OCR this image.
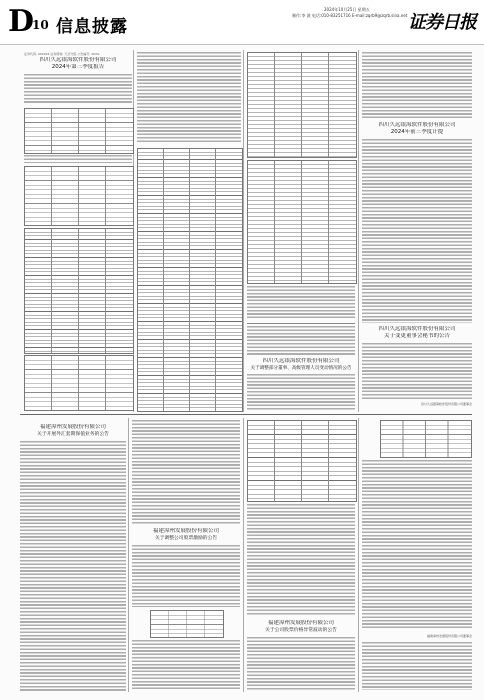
D
10 信息披露
2024年10月25日 星期五
制作:李 波 电话:010-83251716 E-mail:zqrb9@zqrb.sina.net 证券日报
证券代码: 002015 证券简称: 天迈交股 公告编号: 2024-
四川久远银海软件股份有限公司
2024年第三季度报告
四川久远银海软件股份有限公司
关于调整部分董事、高级管理人员变动情况的公告
四川久远银海软件股份有限公司
2024年前三季度计提
四川久远银海软件股份有限公司
关于变更董事会秘书的公告
四川久远银海软件股份有限公司董事会
福建漳州发展股份有限公司
关于开展外汇套期保值业务的公告
福建漳州发展股份有限公司
关于调整公司股票激励的公告
福建漳州发展股份有限公司
关于公司股票价格异常波动的公告
福建漳州发展股份有限公司董事会
